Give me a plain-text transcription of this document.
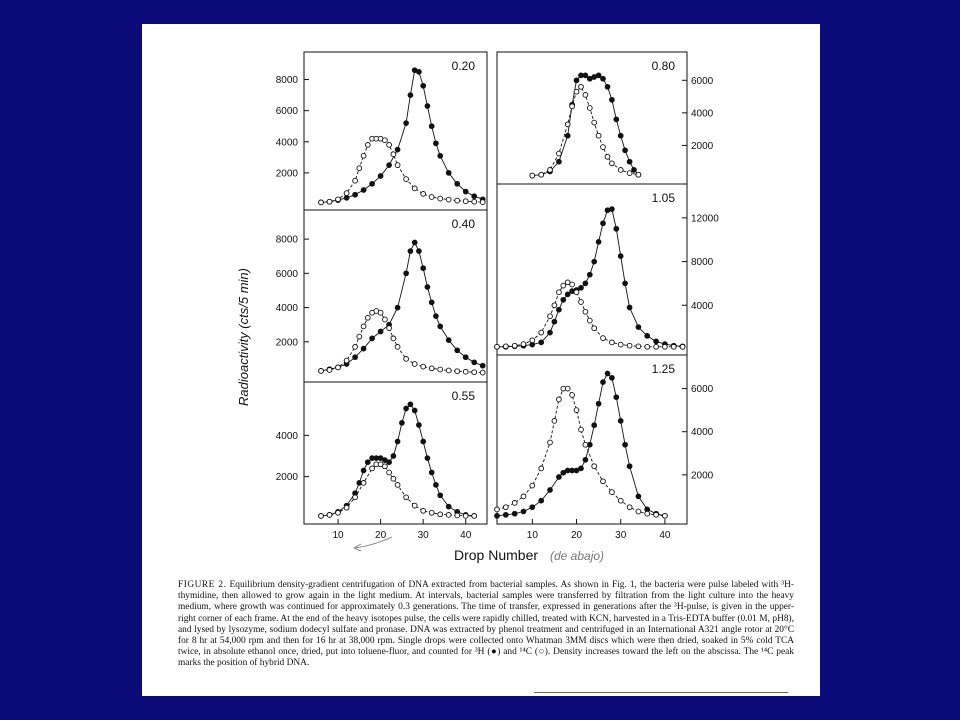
8000
6000
4000
2000
0.20
8000
6000
4000
2000
0.40
4000
2000
0.55
6000
4000
2000
0.80
12000
8000
4000
1.05
6000
4000
2000
1.25
10	20	30	40	10	20	30	40
Radioactivity (cts/5 min)
Drop Number (de abajo)

FIGURE 2. Equilibrium density-gradient centrifugation of DNA extracted from bacterial samples. As shown in Fig. 1, the bacteria were pulse labeled with ³H-thymidine, then allowed to grow again in the light medium. At intervals, bacterial samples were transferred by filtration from the light culture into the heavy medium, where growth was continued for approximately 0.3 generations. The time of transfer, expressed in generations after the ³H-pulse, is given in the upper-right corner of each frame. At the end of the heavy isotopes pulse, the cells were rapidly chilled, treated with KCN, harvested in a Tris-EDTA buffer (0.01 M, pH8), and lysed by lysozyme, sodium dodecyl sulfate and pronase. DNA was extracted by phenol treatment and centrifuged in an International A321 angle rotor at 20°C for 8 hr at 54,000 rpm and then for 16 hr at 38,000 rpm. Single drops were collected onto Whatman 3MM discs which were then dried, soaked in 5% cold TCA twice, in absolute ethanol once, dried, put into toluene-fluor, and counted for ³H (●) and ¹⁴C (○). Density increases toward the left on the abscissa. The ¹⁴C peak marks the position of hybrid DNA.
